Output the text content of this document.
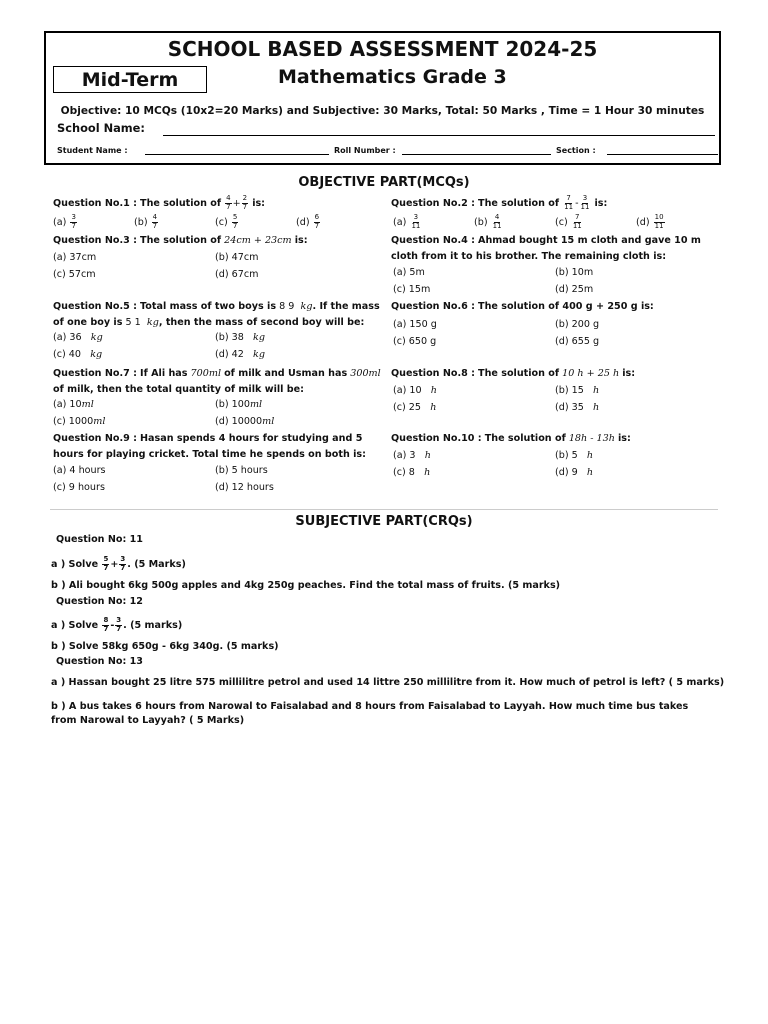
SCHOOL BASED ASSESSMENT 2024-25
Mid-Term	Mathematics Grade 3
Objective: 10 MCQs (10x2=20 Marks) and Subjective: 30 Marks, Total: 50 Marks , Time = 1 Hour 30 minutes
School Name:
Student Name :	Roll Number :	Section :
OBJECTIVE PART(MCQs)
Question No.1 : The solution of $\frac{4}{7} + \frac{2}{7}$ is:
$(a) \frac{3}{7}$	$(b) \frac{4}{7}$	$(c) \frac{5}{7}$	$(d) \frac{6}{7}$
Question No.2 : The solution of $\frac{7}{11} - \frac{3}{11}$ is:
$(a) \frac{3}{11}$	$(b) \frac{4}{11}$	$(c) \frac{7}{11}$	$(d) \frac{10}{11}$
Question No.3 : The solution of 24cm + 23cm is:
(a) 37cm	(b) 47cm
(c) 57cm	(d) 67cm
Question No.4 : Ahmad bought 15 m cloth and gave 10 m cloth from it to his brother. The remaining cloth is:
(a) 5m	(b) 10m
(c) 15m	(d) 25m
Question No.5 : Total mass of two boys is 8 9 kg. If the mass of one boy is 5 1 kg, then the mass of second boy will be:
(a) 36 kg	(b) 38 kg
(c) 40 kg	(d) 42 kg
Question No.6 : The solution of 400 g + 250 g is:
(a) 150 g	(b) 200 g
(c) 650 g	(d) 655 g
Question No.7 : If Ali has 700ml of milk and Usman has 300ml of milk, then the total quantity of milk will be:
(a) 10ml	(b) 100ml
(c) 1000ml	(d) 10000ml
Question No.8 : The solution of 10 h + 25 h is:
(a) 10 h	(b) 15 h
(c) 25 h	(d) 35 h
Question No.9 : Hasan spends 4 hours for studying and 5 hours for playing cricket. Total time he spends on both is:
(a) 4 hours	(b) 5 hours
(c) 9 hours	(d) 12 hours
Question No.10 : The solution of 18h - 13h is:
(a) 3 h	(b) 5 h
(c) 8 h	(d) 9 h
SUBJECTIVE PART(CRQs)
Question No: 11
a ) Solve $\frac{5}{7} + \frac{3}{7}$ . (5 Marks)
b ) Ali bought 6kg 500g apples and 4kg 250g peaches. Find the total mass of fruits. (5 marks)
Question No: 12
a ) Solve $\frac{8}{7} - \frac{3}{7}$ . (5 marks)
b ) Solve 58kg 650g - 6kg 340g. (5 marks)
Question No: 13
a ) Hassan bought 25 litre 575 millilitre petrol and used 14 littre 250 millilitre from it. How much of petrol is left? ( 5 marks)
b ) A bus takes 6 hours from Narowal to Faisalabad and 8 hours from Faisalabad to Layyah. How much time bus takes from Narowal to Layyah? ( 5 Marks)
